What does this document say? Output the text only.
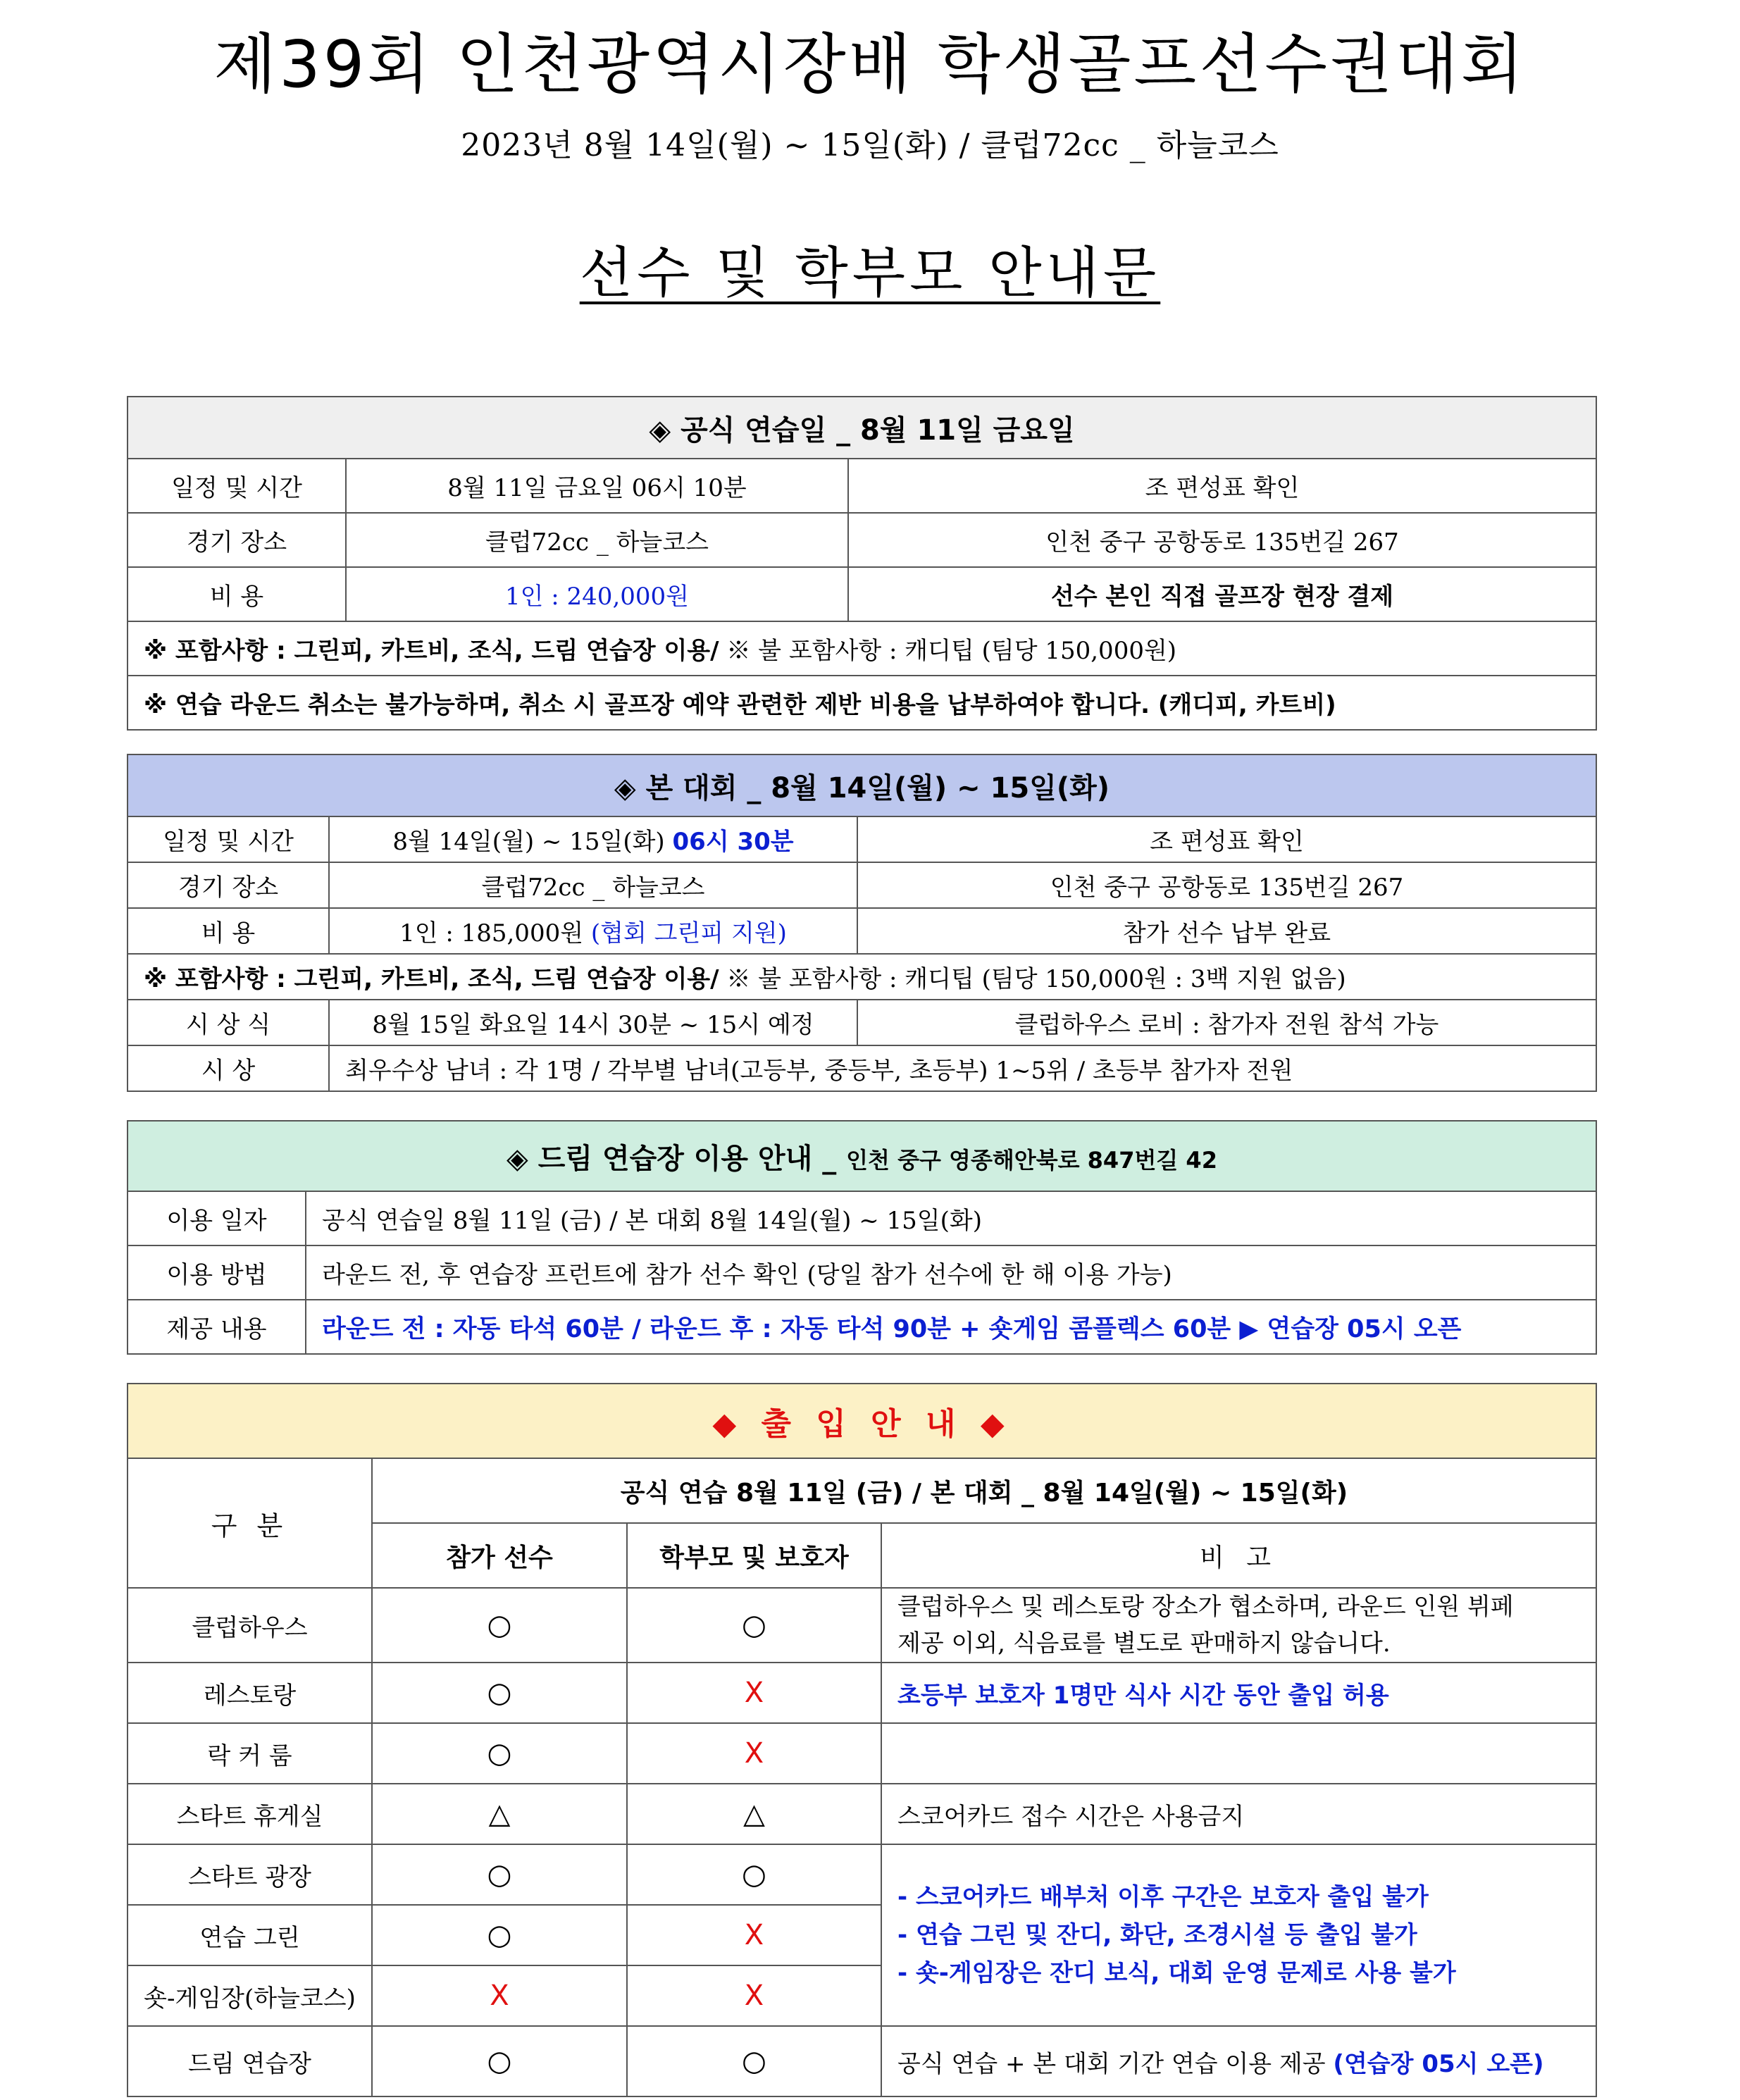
제39회 인천광역시장배 학생골프선수권대회
2023년 8월 14일(월) ~ 15일(화) / 클럽72cc _ 하늘코스
선수 및 학부모 안내문
◈ 공식 연습일 _ 8월 11일 금요일		
일정 및 시간	8월 11일 금요일 06시 10분	조 편성표 확인
경기 장소	클럽72cc _ 하늘코스	인천 중구 공항동로 135번길 267
비 용	1인 : 240,000원	선수 본인 직접 골프장 현장 결제
※ 포함사항 : 그린피, 카트비, 조식, 드림 연습장 이용/ ※ 불 포함사항 : 캐디팁 (팀당 150,000원)		
※ 연습 라운드 취소는 불가능하며, 취소 시 골프장 예약 관련한 제반 비용을 납부하여야 합니다. (캐디피, 카트비)		
◈ 본 대회 _ 8월 14일(월) ~ 15일(화)		
일정 및 시간	8월 14일(월) ~ 15일(화) 06시 30분	조 편성표 확인
경기 장소	클럽72cc _ 하늘코스	인천 중구 공항동로 135번길 267
비 용	1인 : 185,000원 (협회 그린피 지원)	참가 선수 납부 완료
※ 포함사항 : 그린피, 카트비, 조식, 드림 연습장 이용/ ※ 불 포함사항 : 캐디팁 (팀당 150,000원 : 3백 지원 없음)		
시 상 식	8월 15일 화요일 14시 30분 ~ 15시 예정	클럽하우스 로비 : 참가자 전원 참석 가능
시 상	최우수상 남녀 : 각 1명 / 각부별 남녀(고등부, 중등부, 초등부) 1~5위 / 초등부 참가자 전원	
◈ 드림 연습장 이용 안내 _ 인천 중구 영종해안북로 847번길 42	
이용 일자	공식 연습일 8월 11일 (금) / 본 대회 8월 14일(월) ~ 15일(화)
이용 방법	라운드 전, 후 연습장 프런트에 참가 선수 확인 (당일 참가 선수에 한 해 이용 가능)
제공 내용	라운드 전 : 자동 타석 60분 / 라운드 후 : 자동 타석 90분 + 숏게임 콤플렉스 60분 ▶ 연습장 05시 오픈
◆ 출 입 안 내 ◆			
구 분	공식 연습 8월 11일 (금) / 본 대회 _ 8월 14일(월) ~ 15일(화)		
	참가 선수	학부모 및 보호자	비 고
클럽하우스	○	○	클럽하우스 및 레스토랑 장소가 협소하며, 라운드 인원 뷔페
제공 이외, 식음료를 별도로 판매하지 않습니다.
레스토랑	○	X	초등부 보호자 1명만 식사 시간 동안 출입 허용
락 커 룸	○	X	
스타트 휴게실	△	△	스코어카드 접수 시간은 사용금지
스타트 광장	○	○	- 스코어카드 배부처 이후 구간은 보호자 출입 불가
- 연습 그린 및 잔디, 화단, 조경시설 등 출입 불가
- 숏-게임장은 잔디 보식, 대회 운영 문제로 사용 불가
연습 그린	○	X	
숏-게임장(하늘코스)	X	X	
드림 연습장	○	○	공식 연습 + 본 대회 기간 연습 이용 제공 (연습장 05시 오픈)
